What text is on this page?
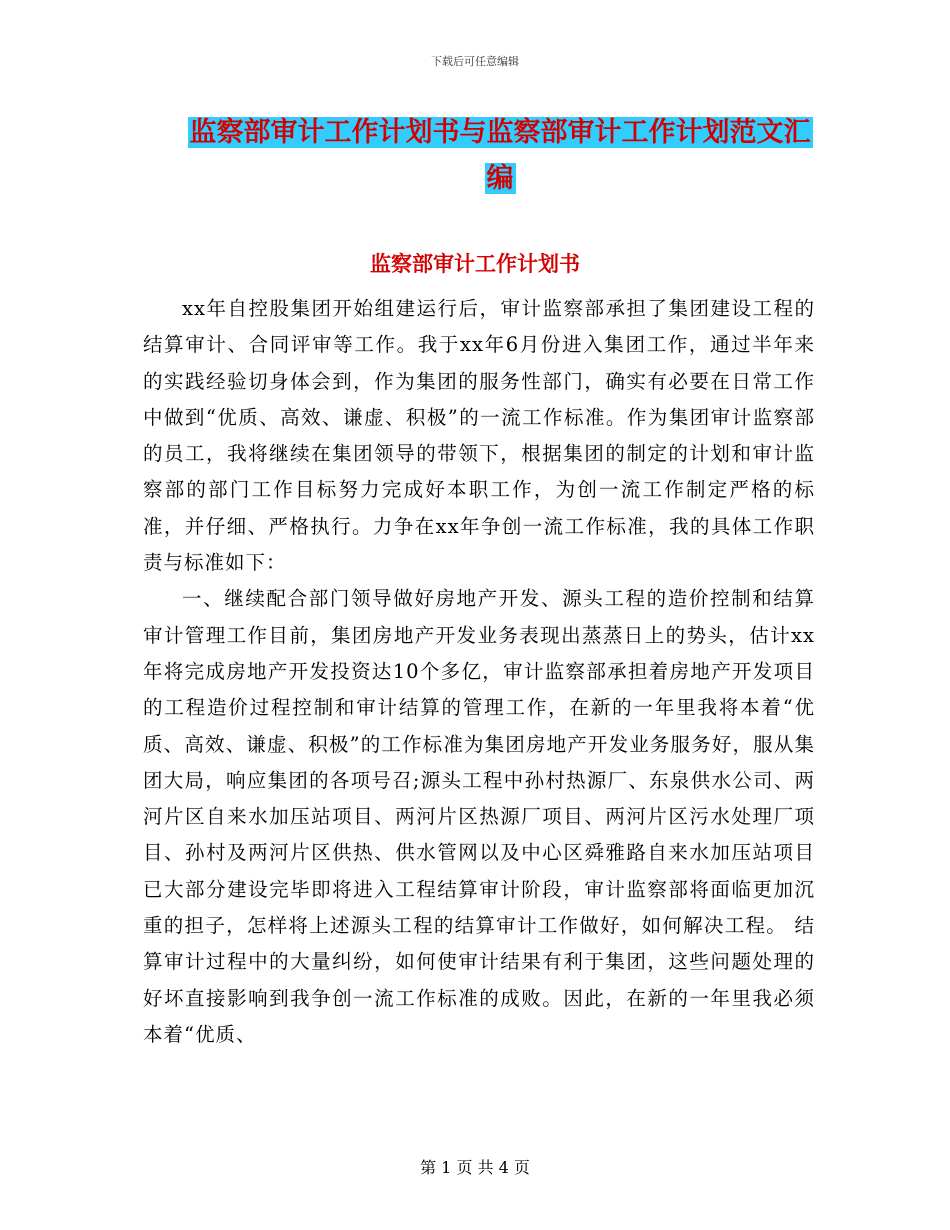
下载后可任意编辑
监察部审计工作计划书与监察部审计工作计划范文汇
编
监察部审计工作计划书

xx年自控股集团开始组建运行后，审计监察部承担了集团建设工程的结算审计、合同评审等工作。我于xx年6月份进入集团工作，通过半年来的实践经验切身体会到，作为集团的服务性部门，确实有必要在日常工作中做到“优质、高效、谦虚、积极”的一流工作标准。作为集团审计监察部的员工，我将继续在集团领导的带领下，根据集团的制定的计划和审计监察部的部门工作目标努力完成好本职工作，为创一流工作制定严格的标准，并仔细、严格执行。力争在xx年争创一流工作标准，我的具体工作职责与标准如下：

一、继续配合部门领导做好房地产开发、源头工程的造价控制和结算审计管理工作目前，集团房地产开发业务表现出蒸蒸日上的势头，估计xx年将完成房地产开发投资达10个多亿，审计监察部承担着房地产开发项目的工程造价过程控制和审计结算的管理工作，在新的一年里我将本着“优质、高效、谦虚、积极”的工作标准为集团房地产开发业务服务好，服从集团大局，响应集团的各项号召;源头工程中孙村热源厂、东泉供水公司、两河片区自来水加压站项目、两河片区热源厂项目、两河片区污水处理厂项目、孙村及两河片区供热、供水管网以及中心区舜雅路自来水加压站项目已大部分建设完毕即将进入工程结算审计阶段，审计监察部将面临更加沉重的担子，怎样将上述源头工程的结算审计工作做好，如何解决工程。 结算审计过程中的大量纠纷，如何使审计结果有利于集团，这些问题处理的好坏直接影响到我争创一流工作标准的成败。因此，在新的一年里我必须本着“优质、

第 1 页 共 4 页
